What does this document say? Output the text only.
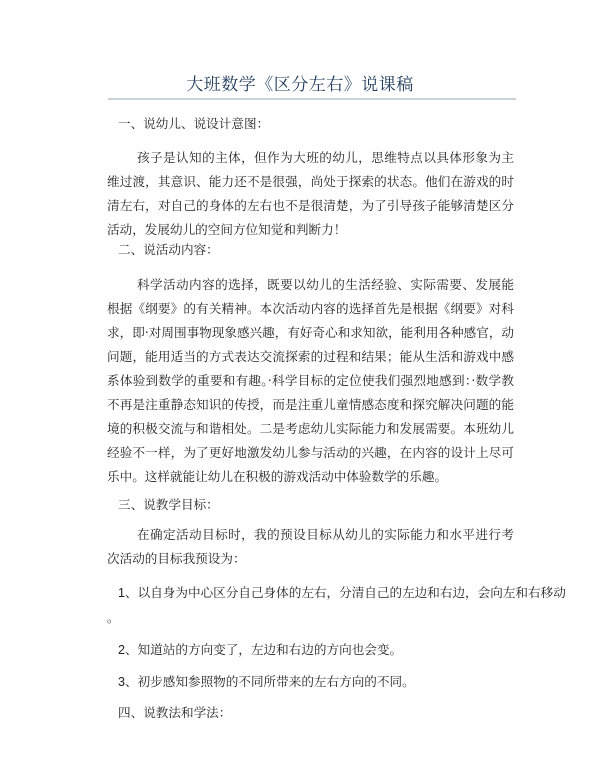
大班数学《区分左右》说课稿
一、说幼儿、说设计意图：
孩子是认知的主体，但作为大班的幼儿，思维特点以具体形象为主
维过渡，其意识、能力还不是很强，尚处于探索的状态。他们在游戏的时
清左右，对自己的身体的左右也不是很清楚，为了引导孩子能够清楚区分
活动，发展幼儿的空间方位知觉和判断力！
二、说活动内容：
科学活动内容的选择，既要以幼儿的生活经验、实际需要、发展能
根据《纲要》的有关精神。本次活动内容的选择首先是根据《纲要》对科
求，即‧对周围事物现象感兴趣，有好奇心和求知欲，能利用各种感官，动
问题，能用适当的方式表达交流探索的过程和结果；能从生活和游戏中感
系体验到数学的重要和有趣。‧科学目标的定位使我们强烈地感到：‧数学教
不再是注重静态知识的传授，而是注重儿童情感态度和探究解决问题的能
境的积极交流与和谐相处。二是考虑幼儿实际能力和发展需要。本班幼儿
经验不一样，为了更好地激发幼儿参与活动的兴趣，在内容的设计上尽可
乐中。这样就能让幼儿在积极的游戏活动中体验数学的乐趣。
三、说教学目标：
在确定活动目标时，我的预设目标从幼儿的实际能力和水平进行考
次活动的目标我预设为：
1、以自身为中心区分自己身体的左右，分清自己的左边和右边，会向左和右移动
。
2、知道站的方向变了，左边和右边的方向也会变。
3、初步感知参照物的不同所带来的左右方向的不同。
四、说教法和学法：
